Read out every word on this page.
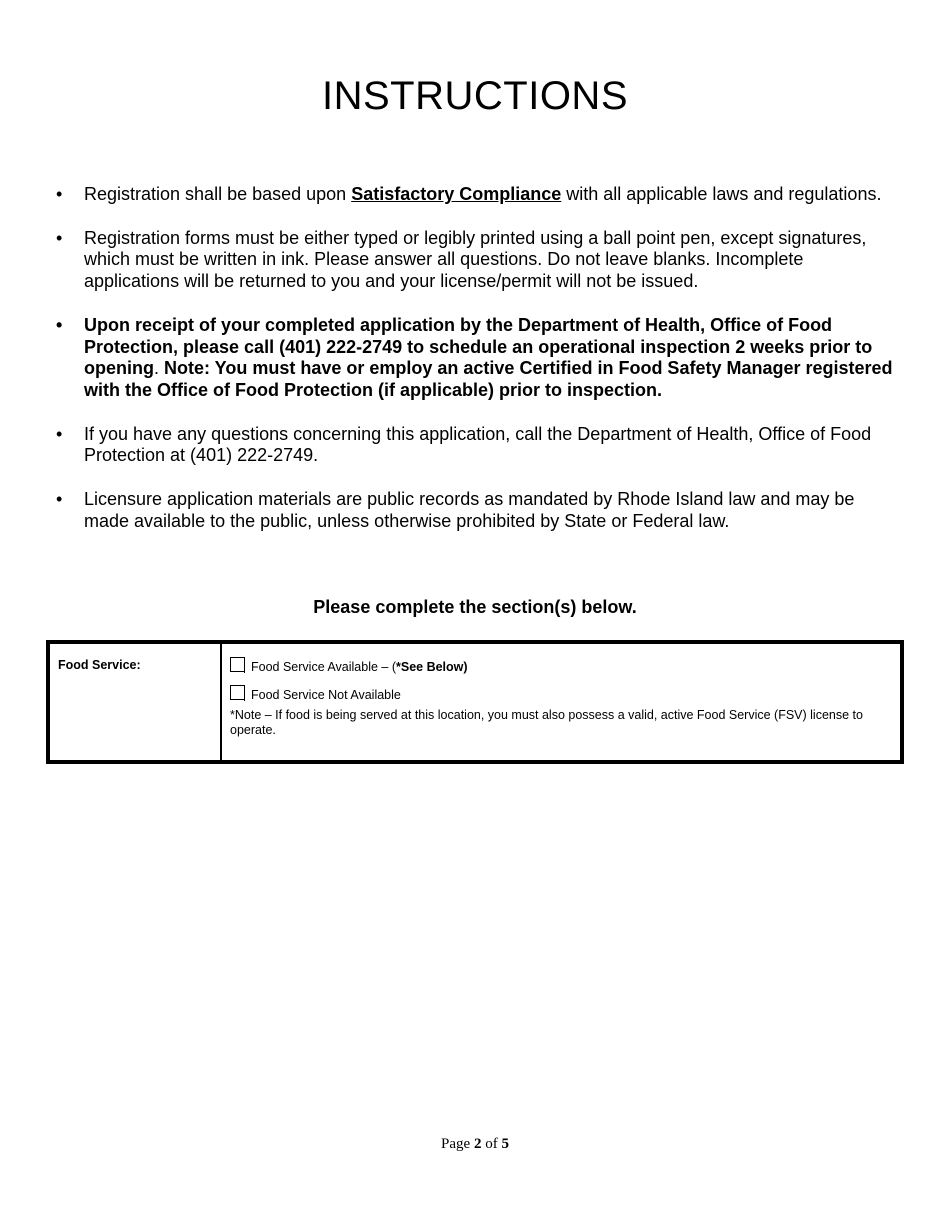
INSTRUCTIONS
• Registration shall be based upon Satisfactory Compliance with all applicable laws and regulations.
• Registration forms must be either typed or legibly printed using a ball point pen, except signatures, which must be written in ink. Please answer all questions. Do not leave blanks. Incomplete applications will be returned to you and your license/permit will not be issued.
• Upon receipt of your completed application by the Department of Health, Office of Food Protection, please call (401) 222-2749 to schedule an operational inspection 2 weeks prior to opening. Note: You must have or employ an active Certified in Food Safety Manager registered with the Office of Food Protection (if applicable) prior to inspection.
• If you have any questions concerning this application, call the Department of Health, Office of Food Protection at (401) 222-2749.
• Licensure application materials are public records as mandated by Rhode Island law and may be made available to the public, unless otherwise prohibited by State or Federal law.
Please complete the section(s) below.
Food Service:	Food Service Available – ( *See Below)
Food Service Not Available
*Note – If food is being served at this location, you must also possess a valid, active Food Service (FSV) license to operate.
Page 2 of 5
